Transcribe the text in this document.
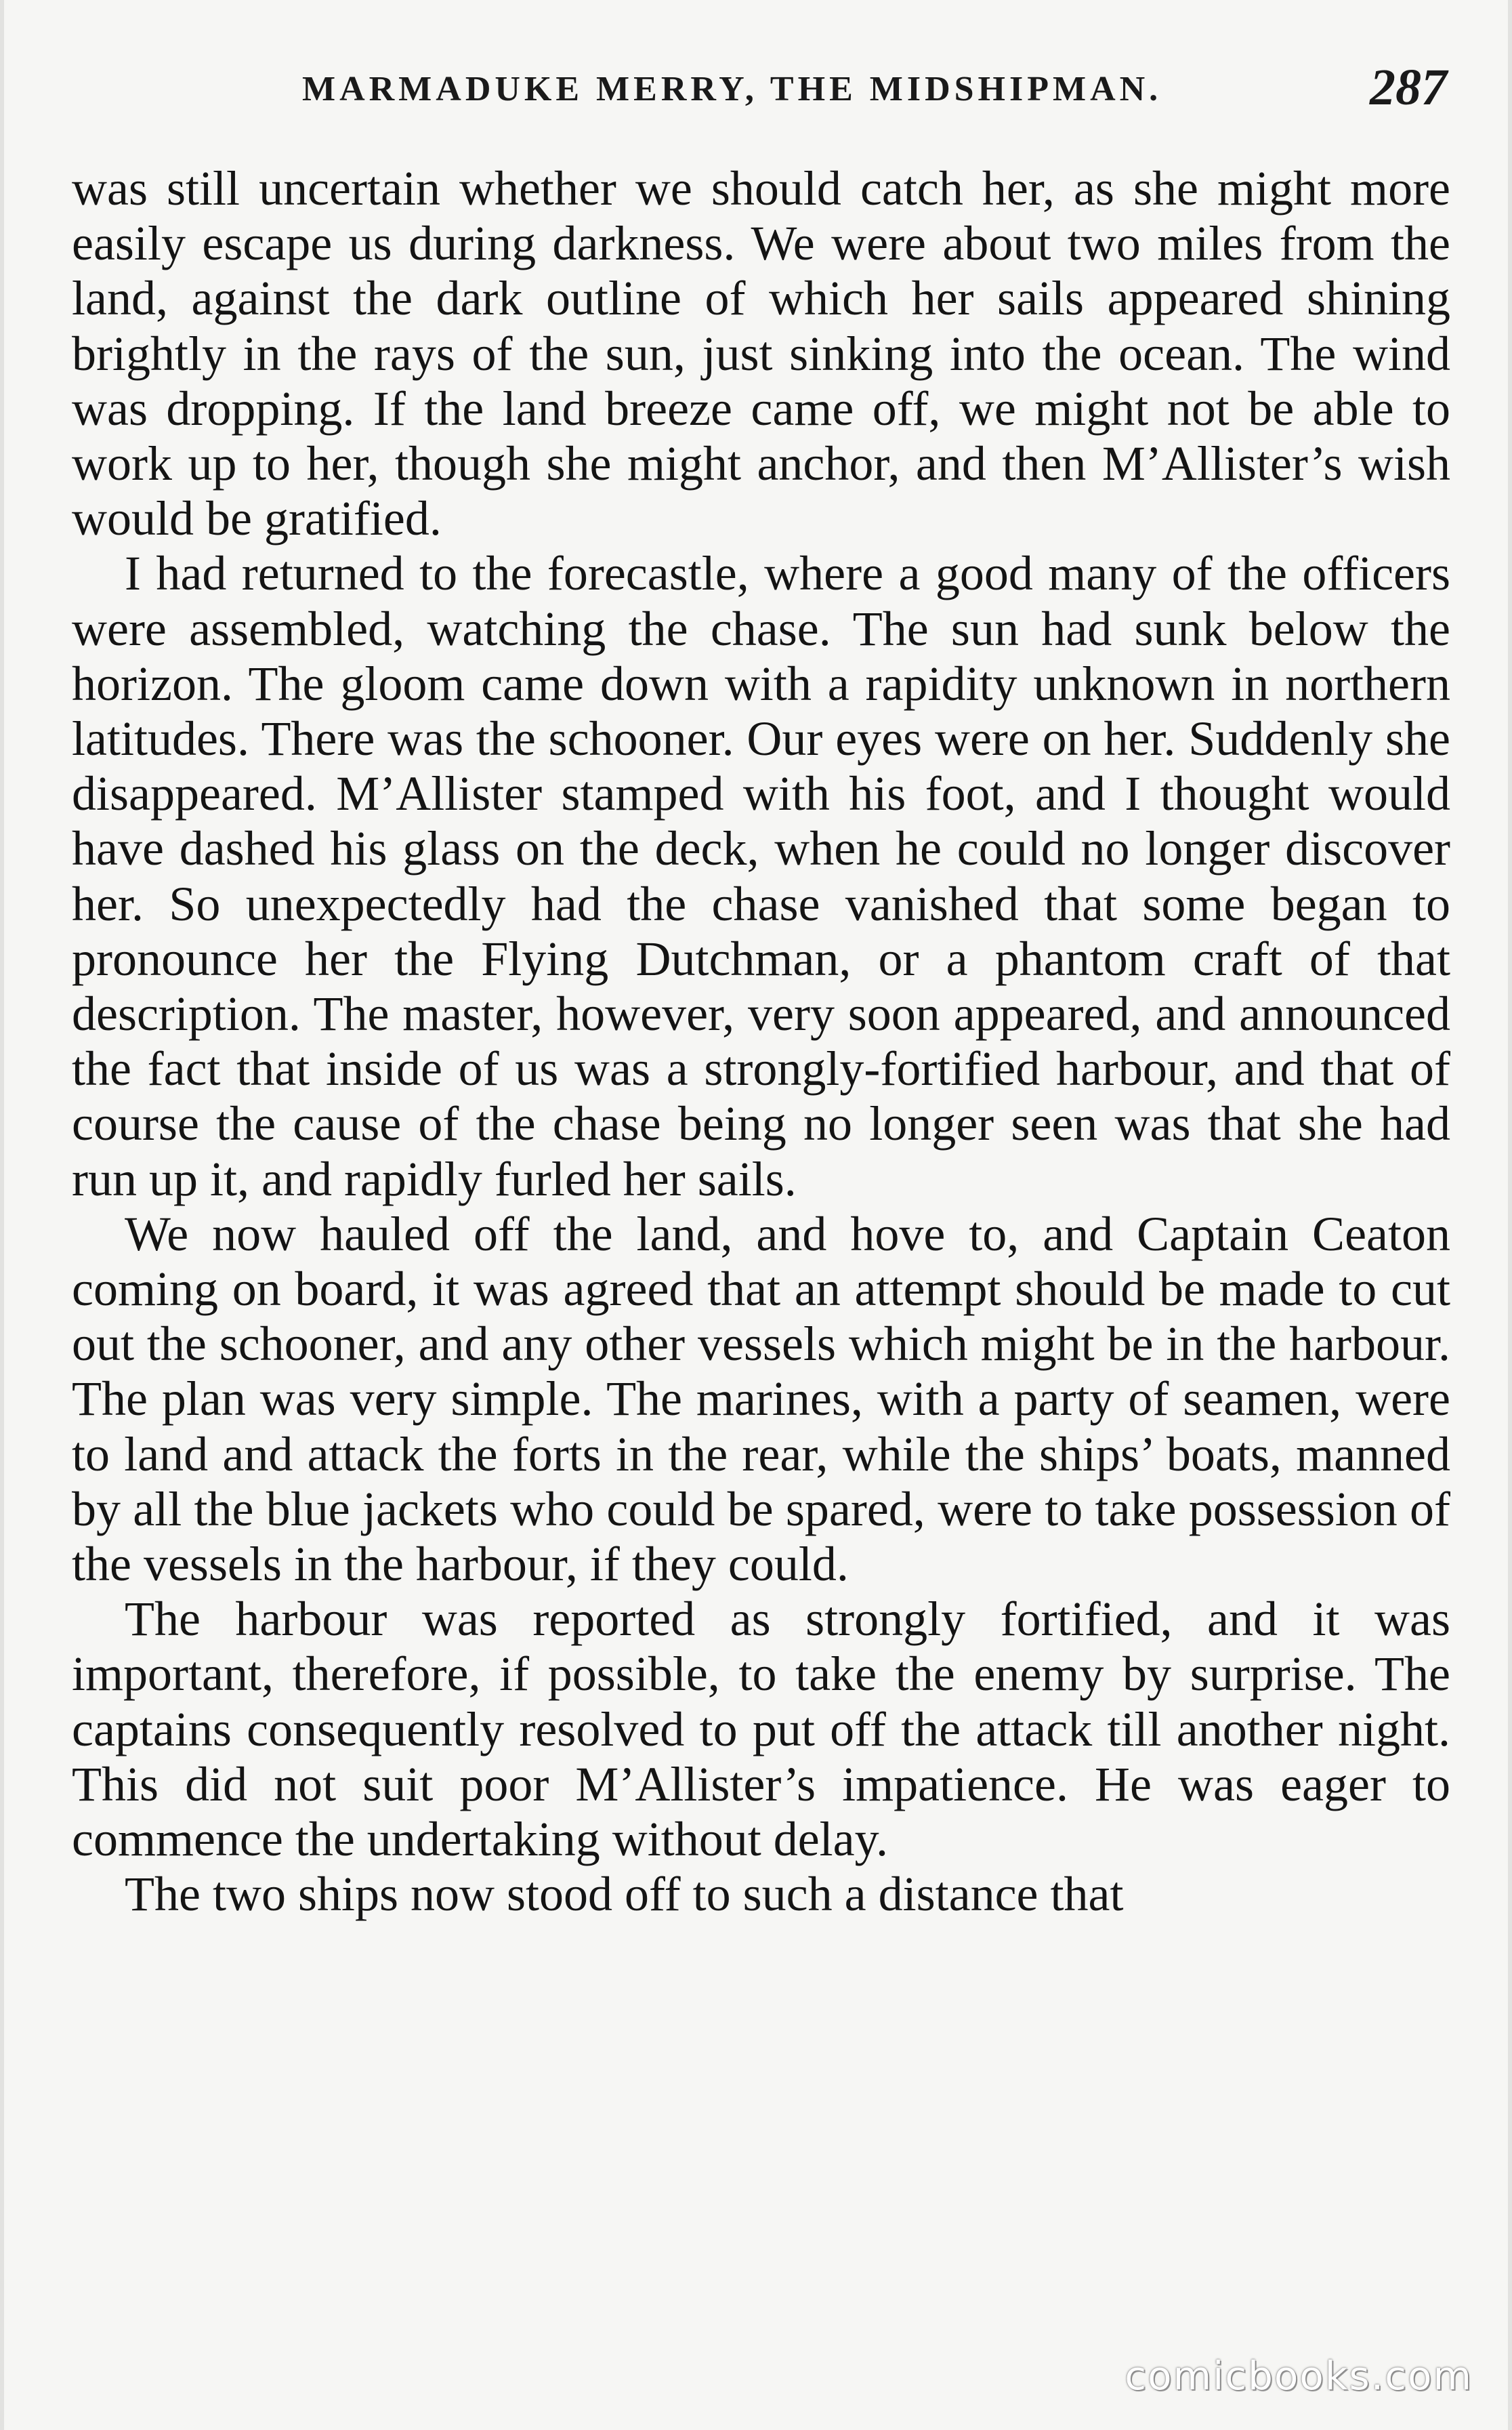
MARMADUKE MERRY, THE MIDSHIPMAN.	287

was still uncertain whether we should catch her, as she might more easily escape us during darkness. We were about two miles from the land, against the dark outline of which her sails appeared shining brightly in the rays of the sun, just sinking into the ocean. The wind was dropping. If the land breeze came off, we might not be able to work up to her, though she might anchor, and then M’Allister’s wish would be gratified.

I had returned to the forecastle, where a good many of the officers were assembled, watching the chase. The sun had sunk below the horizon. The gloom came down with a rapidity unknown in northern latitudes. There was the schooner. Our eyes were on her. Suddenly she disappeared. M’Allister stamped with his foot, and I thought would have dashed his glass on the deck, when he could no longer discover her. So unexpectedly had the chase vanished that some began to pronounce her the Flying Dutchman, or a phantom craft of that description. The master, however, very soon appeared, and announced the fact that inside of us was a strongly-fortified harbour, and that of course the cause of the chase being no longer seen was that she had run up it, and rapidly furled her sails.

We now hauled off the land, and hove to, and Captain Ceaton coming on board, it was agreed that an attempt should be made to cut out the schooner, and any other vessels which might be in the harbour. The plan was very simple. The marines, with a party of seamen, were to land and attack the forts in the rear, while the ships’ boats, manned by all the blue jackets who could be spared, were to take possession of the vessels in the harbour, if they could.

The harbour was reported as strongly fortified, and it was important, therefore, if possible, to take the enemy by surprise. The captains consequently resolved to put off the attack till another night. This did not suit poor M’Allister’s impatience. He was eager to commence the undertaking without delay.

The two ships now stood off to such a distance that

comicbooks.com
